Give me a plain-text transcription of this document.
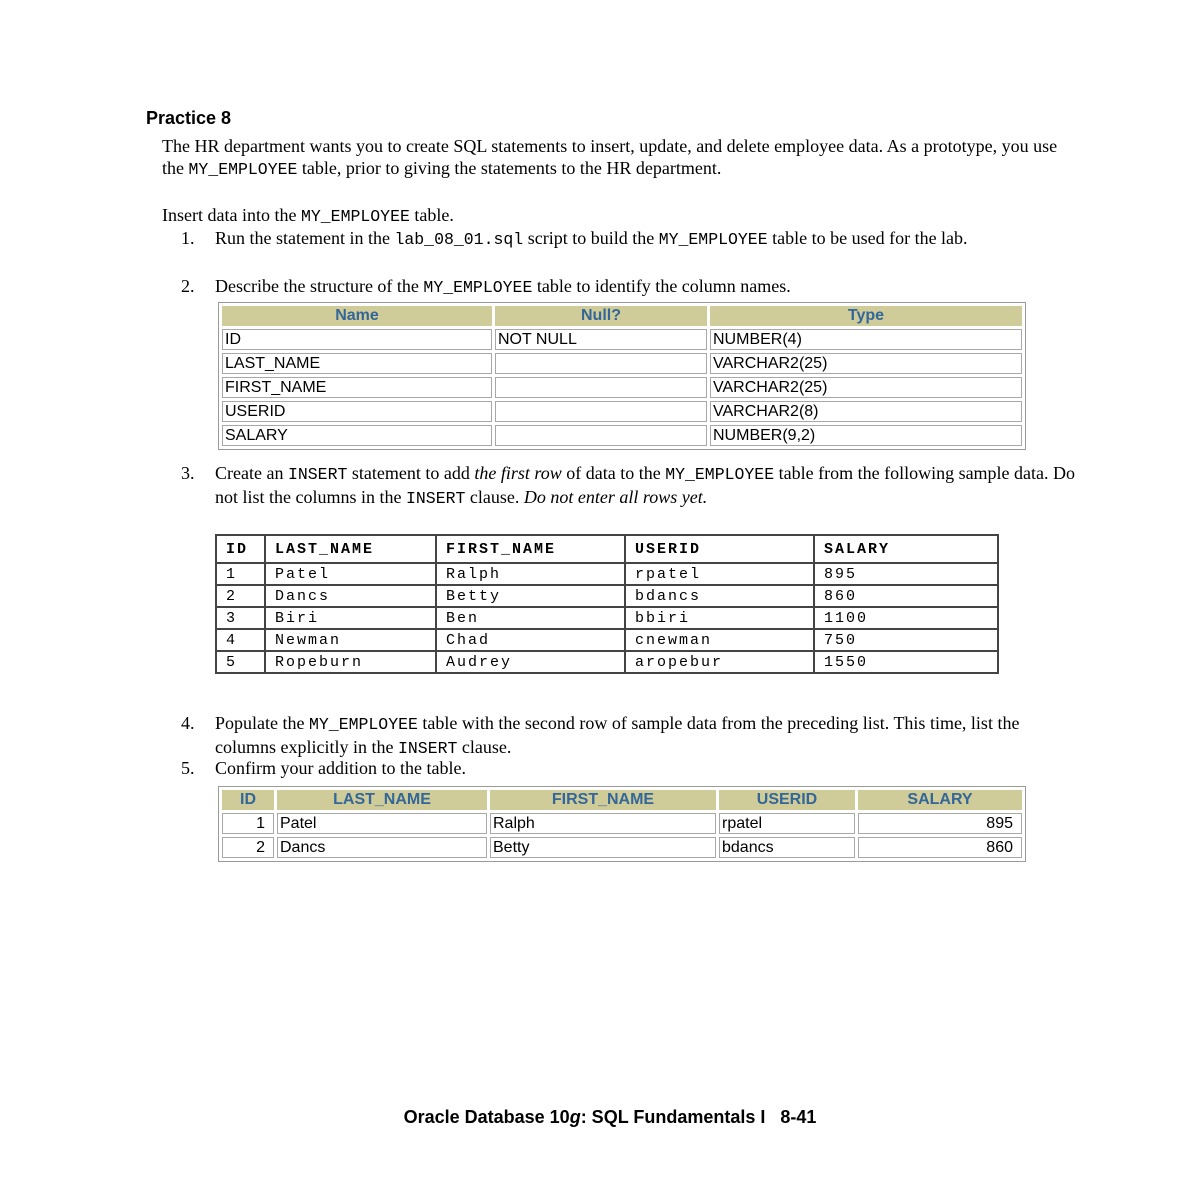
Practice 8
The HR department wants you to create SQL statements to insert, update, and delete employee data. As a prototype, you use the MY_EMPLOYEE table, prior to giving the statements to the HR department.
Insert data into the MY_EMPLOYEE table.
1. Run the statement in the lab_08_01.sql script to build the MY_EMPLOYEE table to be used for the lab.
2. Describe the structure of the MY_EMPLOYEE table to identify the column names.
Name	Null?	Type
ID	NOT NULL	NUMBER(4)
LAST_NAME		VARCHAR2(25)
FIRST_NAME		VARCHAR2(25)
USERID		VARCHAR2(8)
SALARY		NUMBER(9,2)
3. Create an INSERT statement to add the first row of data to the MY_EMPLOYEE table from the following sample data. Do not list the columns in the INSERT clause. Do not enter all rows yet.
ID	LAST_NAME	FIRST_NAME	USERID	SALARY
1	Patel	Ralph	rpatel	895
2	Dancs	Betty	bdancs	860
3	Biri	Ben	bbiri	1100
4	Newman	Chad	cnewman	750
5	Ropeburn	Audrey	aropebur	1550
4. Populate the MY_EMPLOYEE table with the second row of sample data from the preceding list. This time, list the columns explicitly in the INSERT clause.
5. Confirm your addition to the table.
ID	LAST_NAME	FIRST_NAME	USERID	SALARY
1	Patel	Ralph	rpatel	895
2	Dancs	Betty	bdancs	860
Oracle Database 10g: SQL Fundamentals I   8-41
